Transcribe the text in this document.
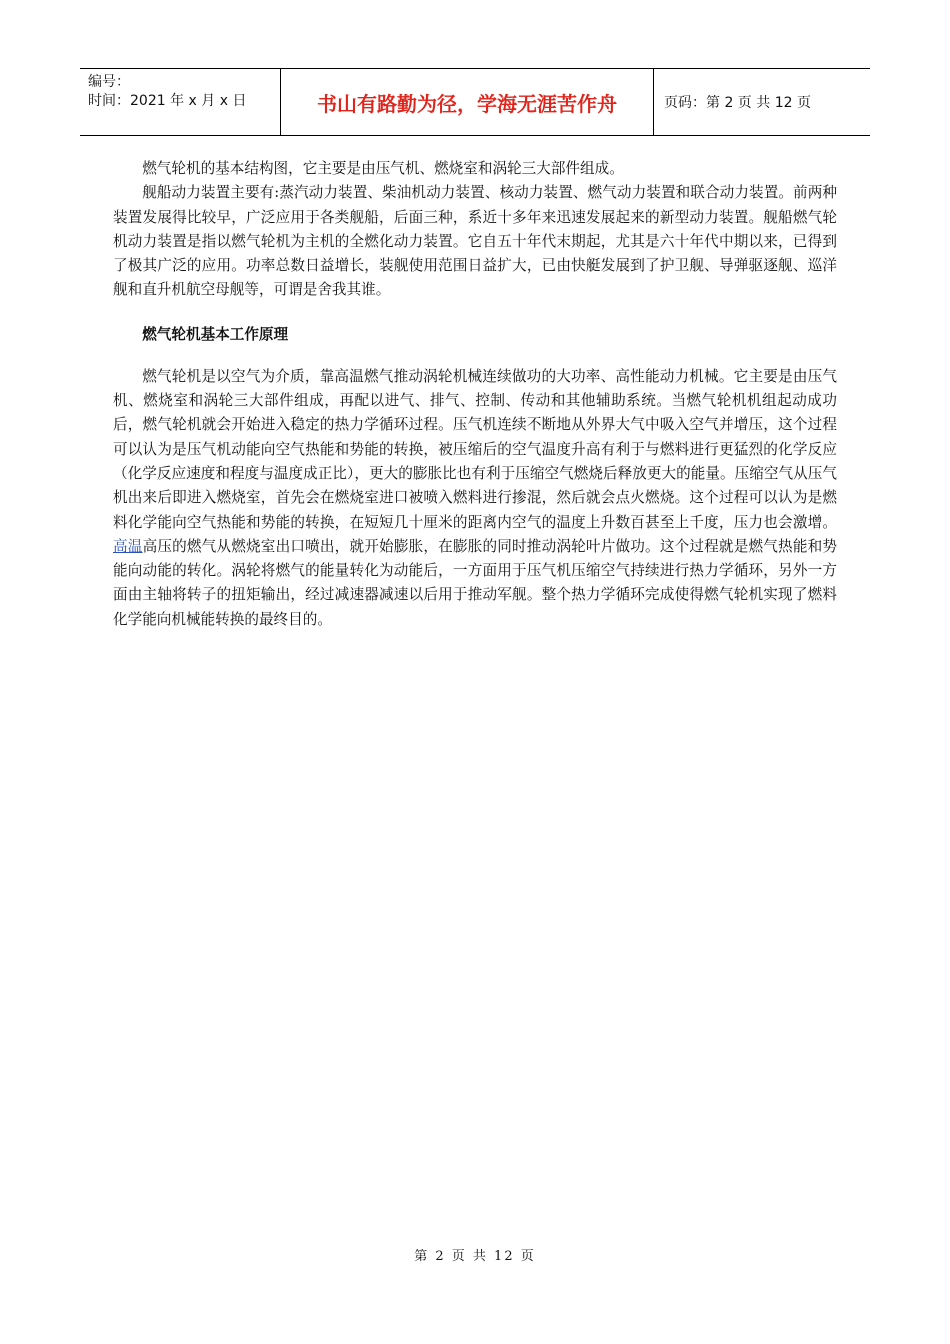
编号：
时间：2021 年 x 月 x 日	书山有路勤为径，学海无涯苦作舟	页码：第 2 页 共 12 页

燃气轮机的基本结构图，它主要是由压气机、燃烧室和涡轮三大部件组成。

舰船动力装置主要有:蒸汽动力装置、柴油机动力装置、核动力装置、燃气动力装置和联合动力装置。前两种装置发展得比较早，广泛应用于各类舰船，后面三种，系近十多年来迅速发展起来的新型动力装置。舰船燃气轮机动力装置是指以燃气轮机为主机的全燃化动力装置。它自五十年代末期起，尤其是六十年代中期以来，已得到了极其广泛的应用。功率总数日益增长，装舰使用范围日益扩大，已由快艇发展到了护卫舰、导弹驱逐舰、巡洋舰和直升机航空母舰等，可谓是舍我其谁。

燃气轮机基本工作原理

燃气轮机是以空气为介质，靠高温燃气推动涡轮机械连续做功的大功率、高性能动力机械。它主要是由压气机、燃烧室和涡轮三大部件组成，再配以进气、排气、控制、传动和其他辅助系统。当燃气轮机机组起动成功后，燃气轮机就会开始进入稳定的热力学循环过程。压气机连续不断地从外界大气中吸入空气并增压，这个过程可以认为是压气机动能向空气热能和势能的转换，被压缩后的空气温度升高有利于与燃料进行更猛烈的化学反应（化学反应速度和程度与温度成正比），更大的膨胀比也有利于压缩空气燃烧后释放更大的能量。压缩空气从压气机出来后即进入燃烧室，首先会在燃烧室进口被喷入燃料进行掺混，然后就会点火燃烧。这个过程可以认为是燃料化学能向空气热能和势能的转换，在短短几十厘米的距离内空气的温度上升数百甚至上千度，压力也会激增。高温高压的燃气从燃烧室出口喷出，就开始膨胀，在膨胀的同时推动涡轮叶片做功。这个过程就是燃气热能和势能向动能的转化。涡轮将燃气的能量转化为动能后，一方面用于压气机压缩空气持续进行热力学循环，另外一方面由主轴将转子的扭矩输出，经过减速器减速以后用于推动军舰。整个热力学循环完成使得燃气轮机实现了燃料化学能向机械能转换的最终目的。

第 2 页 共 12 页
